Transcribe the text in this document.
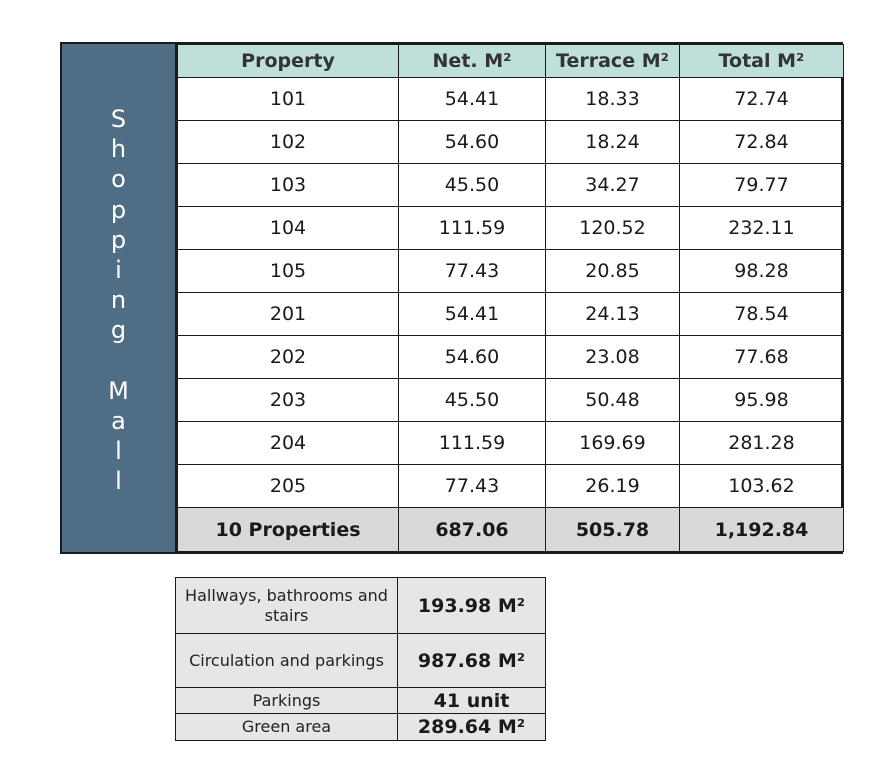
S
h
o
p
p
i
n
g
M
a
l
l
Property	Net. M²	Terrace M²	Total M²
101	54.41	18.33	72.74
102	54.60	18.24	72.84
103	45.50	34.27	79.77
104	111.59	120.52	232.11
105	77.43	20.85	98.28
201	54.41	24.13	78.54
202	54.60	23.08	77.68
203	45.50	50.48	95.98
204	111.59	169.69	281.28
205	77.43	26.19	103.62
10 Properties	687.06	505.78	1,192.84
Hallways, bathrooms and stairs	193.98 M²
Circulation and parkings	987.68 M²
Parkings	41 unit
Green area	289.64 M²
